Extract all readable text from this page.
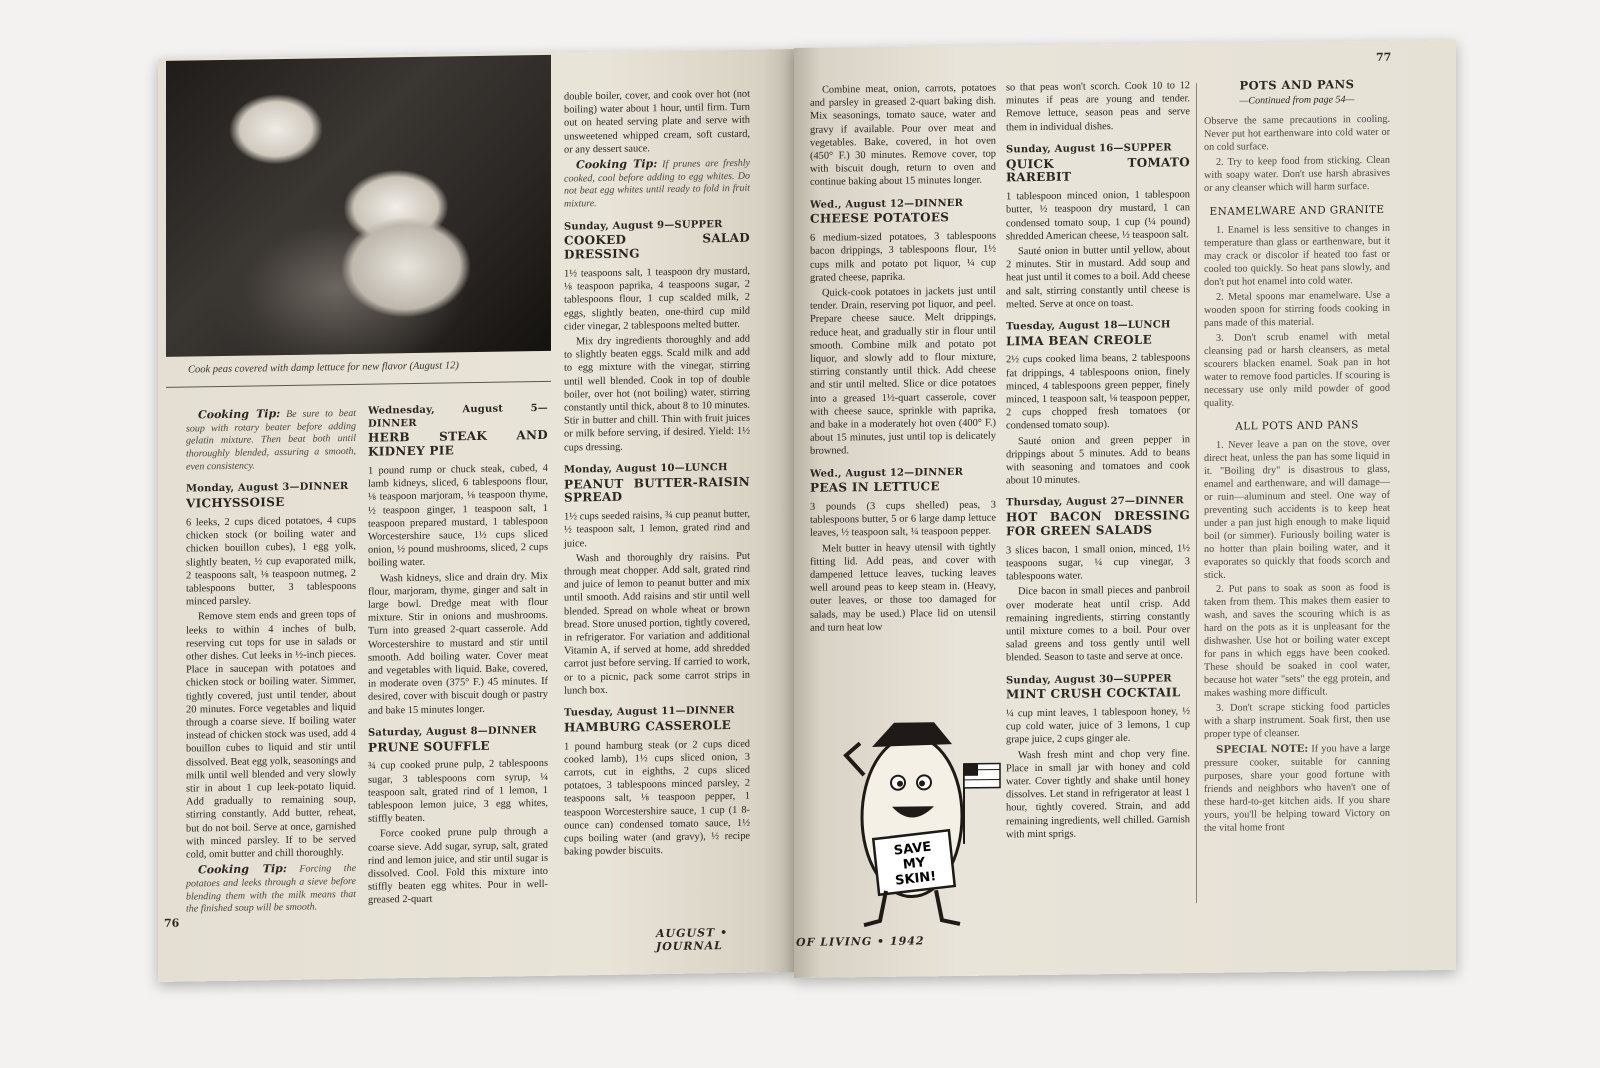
Cook peas covered with damp lettuce for new flavor (August 12)

Cooking Tip: Be sure to beat soup with rotary beater before adding gelatin mixture. Then beat both until thoroughly blended, assuring a smooth, even consistency.

Monday, August 3—DINNER
VICHYSSOISE

6 leeks, 2 cups diced potatoes, 4 cups chicken stock (or boiling water and chicken bouillon cubes), 1 egg yolk, slightly beaten, ½ cup evaporated milk, 2 teaspoons salt, ⅛ teaspoon nutmeg, 2 tablespoons butter, 3 tablespoons minced parsley.

Remove stem ends and green tops of leeks to within 4 inches of bulb, reserving cut tops for use in salads or other dishes. Cut leeks in ½-inch pieces. Place in saucepan with potatoes and chicken stock or boiling water. Simmer, tightly covered, just until tender, about 20 minutes. Force vegetables and liquid through a coarse sieve. If boiling water instead of chicken stock was used, add 4 bouillon cubes to liquid and stir until dissolved. Beat egg yolk, seasonings and milk until well blended and very slowly stir in about 1 cup leek-potato liquid. Add gradually to remaining soup, stirring constantly. Add butter, reheat, but do not boil. Serve at once, garnished with minced parsley. If to be served cold, omit butter and chill thoroughly.

Cooking Tip: Forcing the potatoes and leeks through a sieve before blending them with the milk means that the finished soup will be smooth.

Wednesday, August 5—DINNER
HERB STEAK AND KIDNEY PIE

1 pound rump or chuck steak, cubed, 4 lamb kidneys, sliced, 6 tablespoons flour, ⅛ teaspoon marjoram, ⅛ teaspoon thyme, ½ teaspoon ginger, 1 teaspoon salt, 1 teaspoon prepared mustard, 1 tablespoon Worcestershire sauce, 1½ cups sliced onion, ½ pound mushrooms, sliced, 2 cups boiling water.

Wash kidneys, slice and drain dry. Mix flour, marjoram, thyme, ginger and salt in large bowl. Dredge meat with flour mixture. Stir in onions and mushrooms. Turn into greased 2-quart casserole. Add Worcestershire to mustard and stir until smooth. Add boiling water. Cover meat and vegetables with liquid. Bake, covered, in moderate oven (375° F.) 45 minutes. If desired, cover with biscuit dough or pastry and bake 15 minutes longer.

Saturday, August 8—DINNER
PRUNE SOUFFLE

¾ cup cooked prune pulp, 2 tablespoons sugar, 3 tablespoons corn syrup, ¼ teaspoon salt, grated rind of 1 lemon, 1 tablespoon lemon juice, 3 egg whites, stiffly beaten.

Force cooked prune pulp through a coarse sieve. Add sugar, syrup, salt, grated rind and lemon juice, and stir until sugar is dissolved. Cool. Fold this mixture into stiffly beaten egg whites. Pour in well-greased 2-quart

double boiler, cover, and cook over hot (not boiling) water about 1 hour, until firm. Turn out on heated serving plate and serve with unsweetened whipped cream, soft custard, or any dessert sauce.

Cooking Tip: If prunes are freshly cooked, cool before adding to egg whites. Do not beat egg whites until ready to fold in fruit mixture.

Sunday, August 9—SUPPER
COOKED SALAD DRESSING

1½ teaspoons salt, 1 teaspoon dry mustard, ⅛ teaspoon paprika, 4 teaspoons sugar, 2 tablespoons flour, 1 cup scalded milk, 2 eggs, slightly beaten, one-third cup mild cider vinegar, 2 tablespoons melted butter.

Mix dry ingredients thoroughly and add to slightly beaten eggs. Scald milk and add to egg mixture with the vinegar, stirring until well blended. Cook in top of double boiler, over hot (not boiling) water, stirring constantly until thick, about 8 to 10 minutes. Stir in butter and chill. Thin with fruit juices or milk before serving, if desired. Yield: 1½ cups dressing.

Monday, August 10—LUNCH
PEANUT BUTTER-RAISIN SPREAD

1½ cups seeded raisins, ¾ cup peanut butter, ½ teaspoon salt, 1 lemon, grated rind and juice.

Wash and thoroughly dry raisins. Put through meat chopper. Add salt, grated rind and juice of lemon to peanut butter and mix until smooth. Add raisins and stir until well blended. Spread on whole wheat or brown bread. Store unused portion, tightly covered, in refrigerator. For variation and additional Vitamin A, if served at home, add shredded carrot just before serving. If carried to work, or to a picnic, pack some carrot strips in lunch box.

Tuesday, August 11—DINNER
HAMBURG CASSEROLE

1 pound hamburg steak (or 2 cups diced cooked lamb), 1½ cups sliced onion, 3 carrots, cut in eighths, 2 cups sliced potatoes, 3 tablespoons minced parsley, 2 teaspoons salt, ⅛ teaspoon pepper, 1 teaspoon Worcestershire sauce, 1 cup (1 8-ounce can) condensed tomato sauce, 1½ cups boiling water (and gravy), ½ recipe baking powder biscuits.

76
AUGUST • JOURNAL

Combine meat, onion, carrots, potatoes and parsley in greased 2-quart baking dish. Mix seasonings, tomato sauce, water and gravy if available. Pour over meat and vegetables. Bake, covered, in hot oven (450° F.) 30 minutes. Remove cover, top with biscuit dough, return to oven and continue baking about 15 minutes longer.

Wed., August 12—DINNER
CHEESE POTATOES

6 medium-sized potatoes, 3 tablespoons bacon drippings, 3 tablespoons flour, 1½ cups milk and potato pot liquor, ¼ cup grated cheese, paprika.

Quick-cook potatoes in jackets just until tender. Drain, reserving pot liquor, and peel. Prepare cheese sauce. Melt drippings, reduce heat, and gradually stir in flour until smooth. Combine milk and potato pot liquor, and slowly add to flour mixture, stirring constantly until thick. Add cheese and stir until melted. Slice or dice potatoes into a greased 1½-quart casserole, cover with cheese sauce, sprinkle with paprika, and bake in a moderately hot oven (400° F.) about 15 minutes, just until top is delicately browned.

Wed., August 12—DINNER
PEAS IN LETTUCE

3 pounds (3 cups shelled) peas, 3 tablespoons butter, 5 or 6 large damp lettuce leaves, ½ teaspoon salt, ¼ teaspoon pepper.

Melt butter in heavy utensil with tightly fitting lid. Add peas, and cover with dampened lettuce leaves, tucking leaves well around peas to keep steam in. (Heavy, outer leaves, or those too damaged for salads, may be used.) Place lid on utensil and turn heat low

SAVE
MY
SKIN!

so that peas won't scorch. Cook 10 to 12 minutes if peas are young and tender. Remove lettuce, season peas and serve them in individual dishes.

Sunday, August 16—SUPPER
QUICK TOMATO RAREBIT

1 tablespoon minced onion, 1 tablespoon butter, ½ teaspoon dry mustard, 1 can condensed tomato soup, 1 cup (¼ pound) shredded American cheese, ½ teaspoon salt.

Sauté onion in butter until yellow, about 2 minutes. Stir in mustard. Add soup and heat just until it comes to a boil. Add cheese and salt, stirring constantly until cheese is melted. Serve at once on toast.

Tuesday, August 18—LUNCH
LIMA BEAN CREOLE

2½ cups cooked lima beans, 2 tablespoons fat drippings, 4 tablespoons onion, finely minced, 4 tablespoons green pepper, finely minced, 1 teaspoon salt, ⅛ teaspoon pepper, 2 cups chopped fresh tomatoes (or condensed tomato soup).

Sauté onion and green pepper in drippings about 5 minutes. Add to beans with seasoning and tomatoes and cook about 10 minutes.

Thursday, August 27—DINNER
HOT BACON DRESSING FOR GREEN SALADS

3 slices bacon, 1 small onion, minced, 1½ teaspoons sugar, ¼ cup vinegar, 3 tablespoons water.

Dice bacon in small pieces and panbroil over moderate heat until crisp. Add remaining ingredients, stirring constantly until mixture comes to a boil. Pour over salad greens and toss gently until well blended. Season to taste and serve at once.

Sunday, August 30—SUPPER
MINT CRUSH COCKTAIL

¼ cup mint leaves, 1 tablespoon honey, ½ cup cold water, juice of 3 lemons, 1 cup grape juice, 2 cups ginger ale.

Wash fresh mint and chop very fine. Place in small jar with honey and cold water. Cover tightly and shake until honey dissolves. Let stand in refrigerator at least 1 hour, tightly covered. Strain, and add remaining ingredients, well chilled. Garnish with mint sprigs.

POTS AND PANS
—Continued from page 54—

Observe the same precautions in cooling. Never put hot earthenware into cold water or on cold surface.

2. Try to keep food from sticking. Clean with soapy water. Don't use harsh abrasives or any cleanser which will harm surface.

ENAMELWARE AND GRANITE

1. Enamel is less sensitive to changes in temperature than glass or earthenware, but it may crack or discolor if heated too fast or cooled too quickly. So heat pans slowly, and don't put hot enamel into cold water.

2. Metal spoons mar enamelware. Use a wooden spoon for stirring foods cooking in pans made of this material.

3. Don't scrub enamel with metal cleansing pad or harsh cleansers, as metal scourers blacken enamel. Soak pan in hot water to remove food particles. If scouring is necessary use only mild powder of good quality.

ALL POTS AND PANS

1. Never leave a pan on the stove, over direct heat, unless the pan has some liquid in it. "Boiling dry" is disastrous to glass, enamel and earthenware, and will damage—or ruin—aluminum and steel. One way of preventing such accidents is to keep heat under a pan just high enough to make liquid boil (or simmer). Furiously boiling water is no hotter than plain boiling water, and it evaporates so quickly that foods scorch and stick.

2. Put pans to soak as soon as food is taken from them. This makes them easier to wash, and saves the scouring which is as hard on the pots as it is unpleasant for the dishwasher. Use hot or boiling water except for pans in which eggs have been cooked. These should be soaked in cool water, because hot water "sets" the egg protein, and makes washing more difficult.

3. Don't scrape sticking food particles with a sharp instrument. Soak first, then use proper type of cleanser.

SPECIAL NOTE: If you have a large pressure cooker, suitable for canning purposes, share your good fortune with friends and neighbors who haven't one of these hard-to-get kitchen aids. If you share yours, you'll be helping toward Victory on the vital home front

77
OF LIVING • 1942
